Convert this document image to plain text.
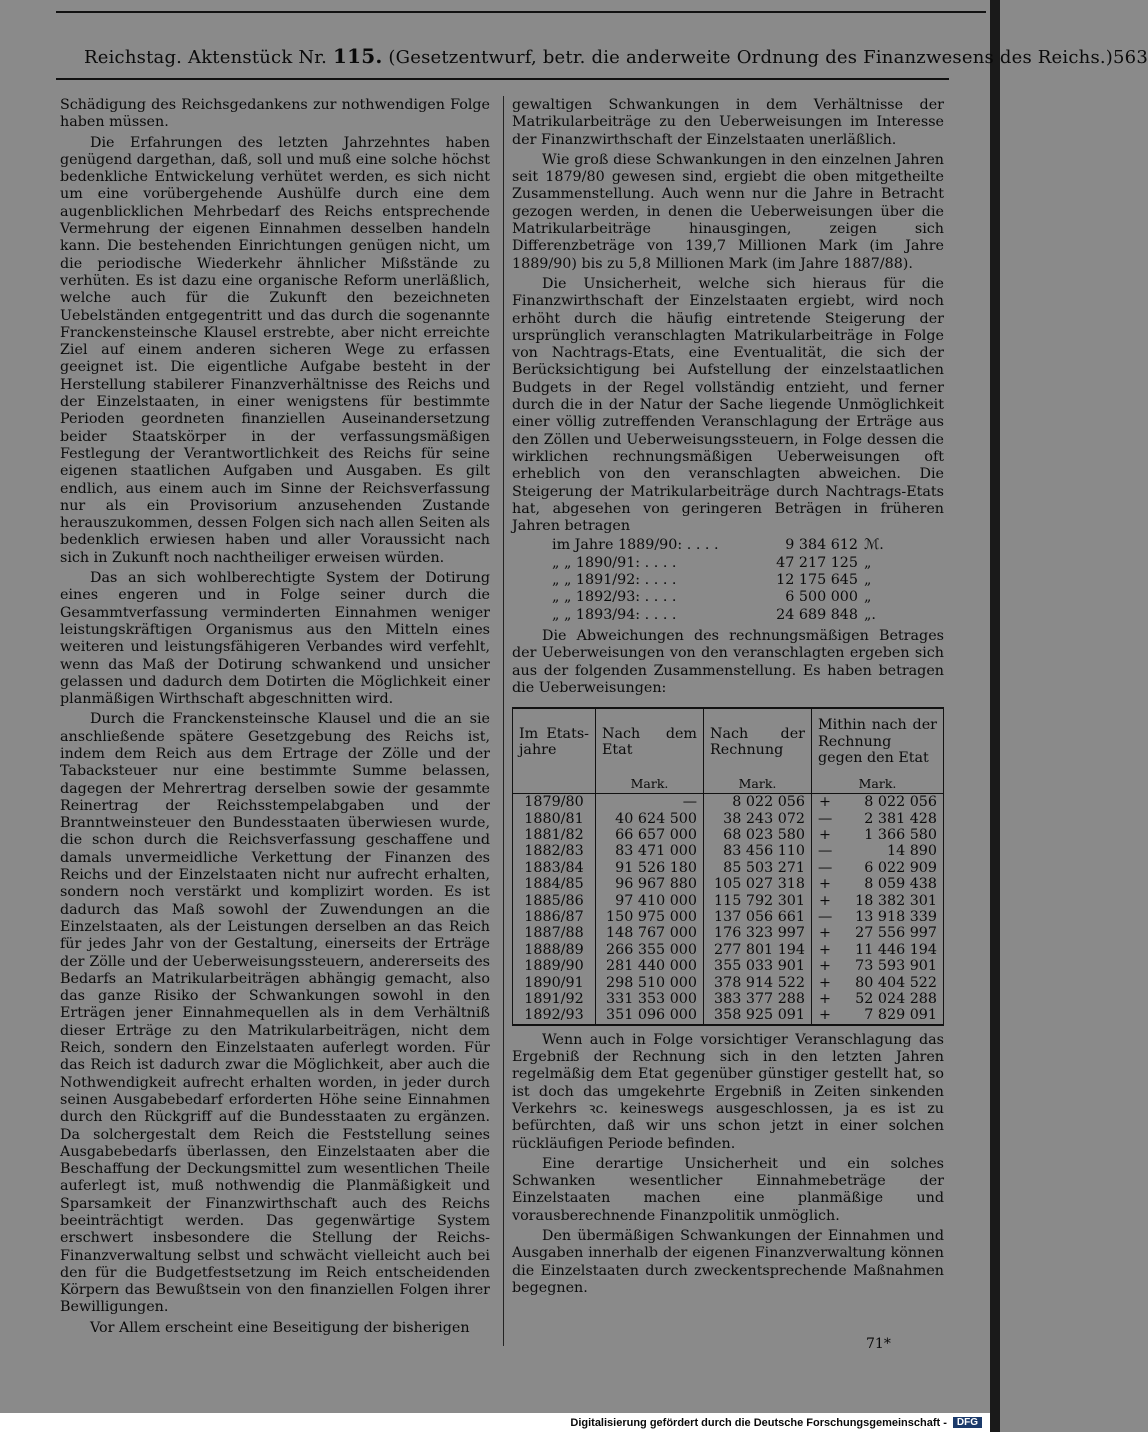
Reichstag. Aktenstück Nr. 115. (Gesetzentwurf, betr. die anderweite Ordnung des Finanzwesens des Reichs.) 563

Schädigung des Reichsgedankens zur nothwendigen Folge haben müssen.

Die Erfahrungen des letzten Jahrzehntes haben genügend dargethan, daß, soll und muß eine solche höchst bedenkliche Entwickelung verhütet werden, es sich nicht um eine vorübergehende Aushülfe durch eine dem augenblicklichen Mehrbedarf des Reichs entsprechende Vermehrung der eigenen Einnahmen desselben handeln kann. Die bestehenden Einrichtungen genügen nicht, um die periodische Wiederkehr ähnlicher Mißstände zu verhüten. Es ist dazu eine organische Reform unerläßlich, welche auch für die Zukunft den bezeichneten Uebelständen entgegentritt und das durch die sogenannte Franckensteinsche Klausel erstrebte, aber nicht erreichte Ziel auf einem anderen sicheren Wege zu erfassen geeignet ist. Die eigentliche Aufgabe besteht in der Herstellung stabilerer Finanzverhältnisse des Reichs und der Einzelstaaten, in einer wenigstens für bestimmte Perioden geordneten finanziellen Auseinandersetzung beider Staatskörper in der verfassungsmäßigen Festlegung der Verantwortlichkeit des Reichs für seine eigenen staatlichen Aufgaben und Ausgaben. Es gilt endlich, aus einem auch im Sinne der Reichsverfassung nur als ein Provisorium anzusehenden Zustande herauszukommen, dessen Folgen sich nach allen Seiten als bedenklich erwiesen haben und aller Voraussicht nach sich in Zukunft noch nachtheiliger erweisen würden.

Das an sich wohlberechtigte System der Dotirung eines engeren und in Folge seiner durch die Gesammtverfassung verminderten Einnahmen weniger leistungskräftigen Organismus aus den Mitteln eines weiteren und leistungsfähigeren Verbandes wird verfehlt, wenn das Maß der Dotirung schwankend und unsicher gelassen und dadurch dem Dotirten die Möglichkeit einer planmäßigen Wirthschaft abgeschnitten wird.

Durch die Franckensteinsche Klausel und die an sie anschließende spätere Gesetzgebung des Reichs ist, indem dem Reich aus dem Ertrage der Zölle und der Tabacksteuer nur eine bestimmte Summe belassen, dagegen der Mehrertrag derselben sowie der gesammte Reinertrag der Reichsstempelabgaben und der Branntweinsteuer den Bundesstaaten überwiesen wurde, die schon durch die Reichsverfassung geschaffene und damals unvermeidliche Verkettung der Finanzen des Reichs und der Einzelstaaten nicht nur aufrecht erhalten, sondern noch verstärkt und komplizirt worden. Es ist dadurch das Maß sowohl der Zuwendungen an die Einzelstaaten, als der Leistungen derselben an das Reich für jedes Jahr von der Gestaltung, einerseits der Erträge der Zölle und der Ueberweisungssteuern, andererseits des Bedarfs an Matrikularbeiträgen abhängig gemacht, also das ganze Risiko der Schwankungen sowohl in den Erträgen jener Einnahmequellen als in dem Verhältniß dieser Erträge zu den Matrikularbeiträgen, nicht dem Reich, sondern den Einzelstaaten auferlegt worden. Für das Reich ist dadurch zwar die Möglichkeit, aber auch die Nothwendigkeit aufrecht erhalten worden, in jeder durch seinen Ausgabebedarf erforderten Höhe seine Einnahmen durch den Rückgriff auf die Bundesstaaten zu ergänzen. Da solchergestalt dem Reich die Feststellung seines Ausgabebedarfs überlassen, den Einzelstaaten aber die Beschaffung der Deckungsmittel zum wesentlichen Theile auferlegt ist, muß nothwendig die Planmäßigkeit und Sparsamkeit der Finanzwirthschaft auch des Reichs beeinträchtigt werden. Das gegenwärtige System erschwert insbesondere die Stellung der Reichs-Finanzverwaltung selbst und schwächt vielleicht auch bei den für die Budgetfestsetzung im Reich entscheidenden Körpern das Bewußtsein von den finanziellen Folgen ihrer Bewilligungen.

Vor Allem erscheint eine Beseitigung der bisherigen

gewaltigen Schwankungen in dem Verhältnisse der Matrikularbeiträge zu den Ueberweisungen im Interesse der Finanzwirthschaft der Einzelstaaten unerläßlich.

Wie groß diese Schwankungen in den einzelnen Jahren seit 1879/80 gewesen sind, ergiebt die oben mitgetheilte Zusammenstellung. Auch wenn nur die Jahre in Betracht gezogen werden, in denen die Ueberweisungen über die Matrikularbeiträge hinausgingen, zeigen sich Differenzbeträge von 139,7 Millionen Mark (im Jahre 1889/90) bis zu 5,8 Millionen Mark (im Jahre 1887/88).

Die Unsicherheit, welche sich hieraus für die Finanzwirthschaft der Einzelstaaten ergiebt, wird noch erhöht durch die häufig eintretende Steigerung der ursprünglich veranschlagten Matrikularbeiträge in Folge von Nachtrags-Etats, eine Eventualität, die sich der Berücksichtigung bei Aufstellung der einzelstaatlichen Budgets in der Regel vollständig entzieht, und ferner durch die in der Natur der Sache liegende Unmöglichkeit einer völlig zutreffenden Veranschlagung der Erträge aus den Zöllen und Ueberweisungssteuern, in Folge dessen die wirklichen rechnungsmäßigen Ueberweisungen oft erheblich von den veranschlagten abweichen. Die Steigerung der Matrikularbeiträge durch Nachtrags-Etats hat, abgesehen von geringeren Beträgen in früheren Jahren betragen

im Jahre 1889/90: . . . .	9 384 612 ℳ.
„ „ 1890/91: . . . .	47 217 125 „
„ „ 1891/92: . . . .	12 175 645 „
„ „ 1892/93: . . . .	6 500 000 „
„ „ 1893/94: . . . .	24 689 848 „.

Die Abweichungen des rechnungsmäßigen Betrages der Ueberweisungen von den veranschlagten ergeben sich aus der folgenden Zusammenstellung. Es haben betragen die Ueberweisungen:

Im Etats-jahre	Nach dem Etat	Nach der Rechnung	Mithin nach der Rechnung gegen den Etat
	Mark.	Mark.	Mark.
1879/80	—	8 022 056	+ 8 022 056
1880/81	40 624 500	38 243 072	— 2 381 428
1881/82	66 657 000	68 023 580	+ 1 366 580
1882/83	83 471 000	83 456 110	— 14 890
1883/84	91 526 180	85 503 271	— 6 022 909
1884/85	96 967 880	105 027 318	+ 8 059 438
1885/86	97 410 000	115 792 301	+ 18 382 301
1886/87	150 975 000	137 056 661	— 13 918 339
1887/88	148 767 000	176 323 997	+ 27 556 997
1888/89	266 355 000	277 801 194	+ 11 446 194
1889/90	281 440 000	355 033 901	+ 73 593 901
1890/91	298 510 000	378 914 522	+ 80 404 522
1891/92	331 353 000	383 377 288	+ 52 024 288
1892/93	351 096 000	358 925 091	+ 7 829 091

Wenn auch in Folge vorsichtiger Veranschlagung das Ergebniß der Rechnung sich in den letzten Jahren regelmäßig dem Etat gegenüber günstiger gestellt hat, so ist doch das umgekehrte Ergebniß in Zeiten sinkenden Verkehrs ꝛc. keineswegs ausgeschlossen, ja es ist zu befürchten, daß wir uns schon jetzt in einer solchen rückläufigen Periode befinden.

Eine derartige Unsicherheit und ein solches Schwanken wesentlicher Einnahmebeträge der Einzelstaaten machen eine planmäßige und vorausberechnende Finanzpolitik unmöglich.

Den übermäßigen Schwankungen der Einnahmen und Ausgaben innerhalb der eigenen Finanzverwaltung können die Einzelstaaten durch zweckentsprechende Maßnahmen begegnen.

71*
Digitalisierung gefördert durch die Deutsche Forschungsgemeinschaft -	DFG
